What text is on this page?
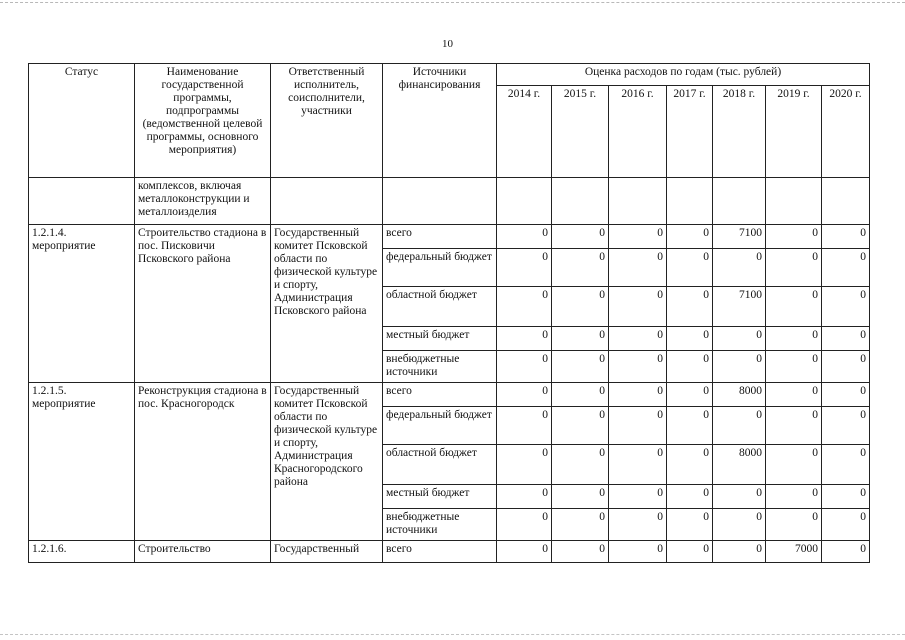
10
Статус	Наименование государственной программы, подпрограммы (ведомственной целевой программы, основного мероприятия)	Ответственный исполнитель, соисполнители, участники	Источники финансирования	Оценка расходов по годам (тыс. рублей)						
				2014 г.	2015 г.	2016 г.	2017 г.	2018 г.	2019 г.	2020 г.
	комплексов, включая металлоконструкции и металлоизделия									
1.2.1.4. мероприятие	Строительство стадиона в пос. Писковичи Псковского района	Государственный комитет Псковской области по физической культуре и спорту, Администрация Псковского района	всего	0	0	0	0	7100	0	0
			федеральный бюджет	0	0	0	0	0	0	0
			областной бюджет	0	0	0	0	7100	0	0
			местный бюджет	0	0	0	0	0	0	0
			внебюджетные источники	0	0	0	0	0	0	0
1.2.1.5. мероприятие	Реконструкция стадиона в пос. Красногородск	Государственный комитет Псковской области по физической культуре и спорту, Администрация Красногородского района	всего	0	0	0	0	8000	0	0
			федеральный бюджет	0	0	0	0	0	0	0
			областной бюджет	0	0	0	0	8000	0	0
			местный бюджет	0	0	0	0	0	0	0
			внебюджетные источники	0	0	0	0	0	0	0
1.2.1.6.	Строительство	Государственный	всего	0	0	0	0	0	7000	0
